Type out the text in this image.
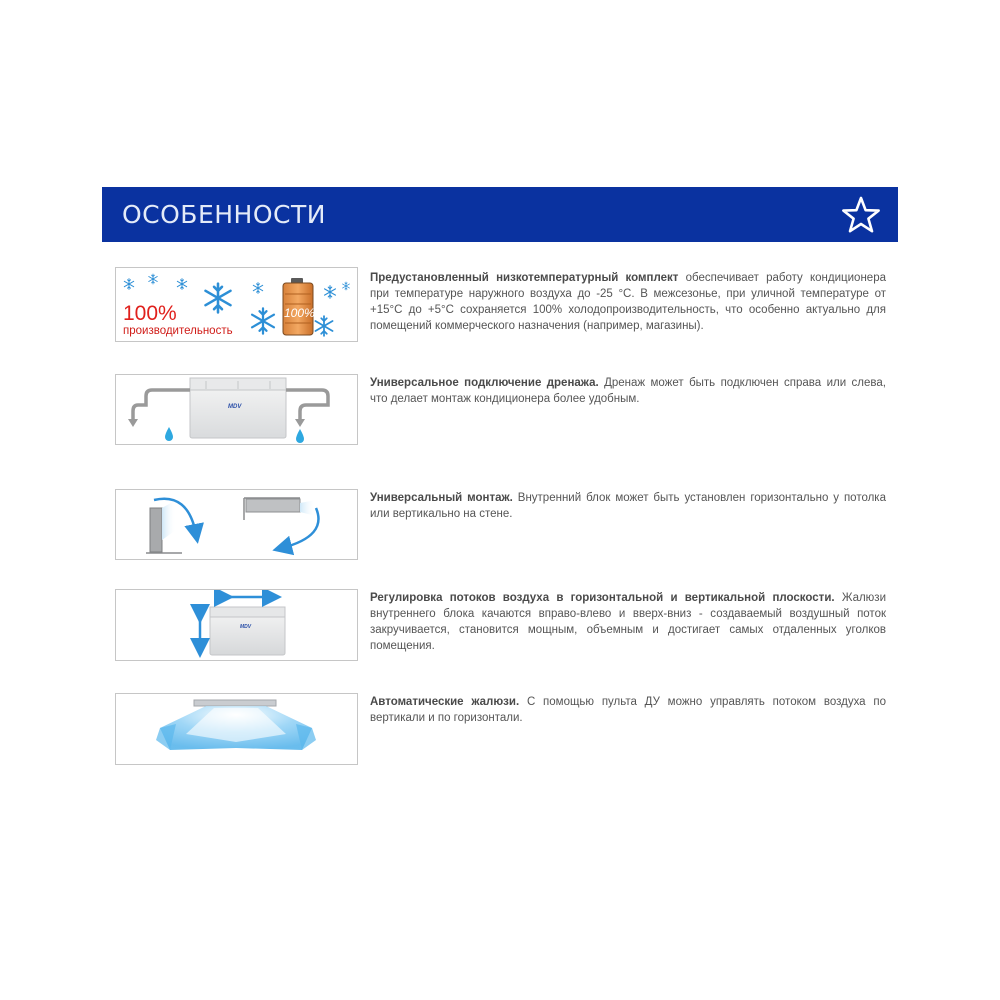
ОСОБЕННОСТИ
100%
производительность
100%
Предустановленный низкотемпературный комплект обеспечивает работу кондиционера при температуре наружного воздуха до -25 °C. В межсезонье, при уличной температуре от +15°C до +5°C сохраняется 100% холодопроизводительность, что особенно актуально для помещений коммерческого назначения (например, магазины).
MDV
Универсальное подключение дренажа. Дренаж может быть подключен справа или слева, что делает монтаж кондиционера более удобным.
Универсальный монтаж. Внутренний блок может быть установлен горизонтально у потолка или вертикально на стене.
MDV
Регулировка потоков воздуха в горизонтальной и вертикальной плоскости. Жалюзи внутреннего блока качаются вправо-влево и вверх-вниз - создаваемый воздушный поток закручивается, становится мощным, объемным и достигает самых отдаленных уголков помещения.
Автоматические жалюзи. С помощью пульта ДУ можно управлять потоком воздуха по вертикали и по горизонтали.
